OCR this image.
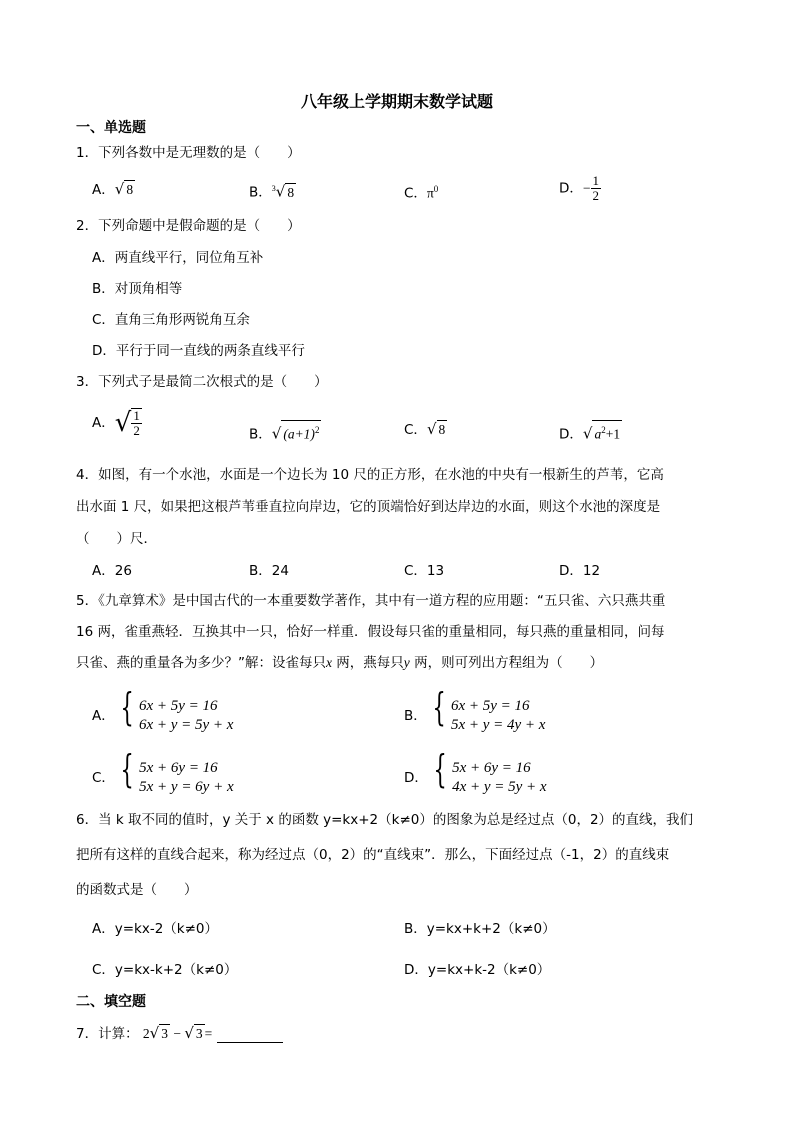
八年级上学期期末数学试题
一、单选题
1．下列各数中是无理数的是（　　）
A．√ 8	B．$^3$√ 8	C．$\pi^0$	D．− $\frac{1}{2}$
2．下列命题中是假命题的是（　　）
A．两直线平行，同位角互补
B．对顶角相等
C．直角三角形两锐角互余
D．平行于同一直线的两条直线平行
3．下列式子是最简二次根式的是（　　）
A．√ $\frac{1}{2}$	B．√ $(a+1)^2$	C．√ 8	D．√ $a^2+1$
4．如图，有一个水池，水面是一个边长为 10 尺的正方形，在水池的中央有一根新生的芦苇，它高
出水面 1 尺，如果把这根芦苇垂直拉向岸边，它的顶端恰好到达岸边的水面，则这个水池的深度是
（　　）尺．
A．26	B．24	C．13	D．12
5．《九章算术》是中国古代的一本重要数学著作，其中有一道方程的应用题：“五只雀、六只燕共重
16 两，雀重燕轻．互换其中一只，恰好一样重．假设每只雀的重量相同，每只燕的重量相同，问每
只雀、燕的重量各为多少？”解：设雀每只x 两，燕每只y 两，则可列出方程组为（　　）
A． { 6x + 5y = 16
6x + y = 5y + x
B． { 6x + 5y = 16
5x + y = 4y + x
C． { 5x + 6y = 16
5x + y = 6y + x
D． { 5x + 6y = 16
4x + y = 5y + x
6．当 k 取不同的值时，y 关于 x 的函数 y=kx+2（k≠0）的图象为总是经过点（0，2）的直线，我们
把所有这样的直线合起来，称为经过点（0，2）的“直线束”．那么，下面经过点（-1，2）的直线束
的函数式是（　　）
A．y=kx-2（k≠0）	B．y=kx+k+2（k≠0）
C．y=kx-k+2（k≠0）	D．y=kx+k-2（k≠0）
二、填空题
7．计算： 2√ 3 − √ 3 =
